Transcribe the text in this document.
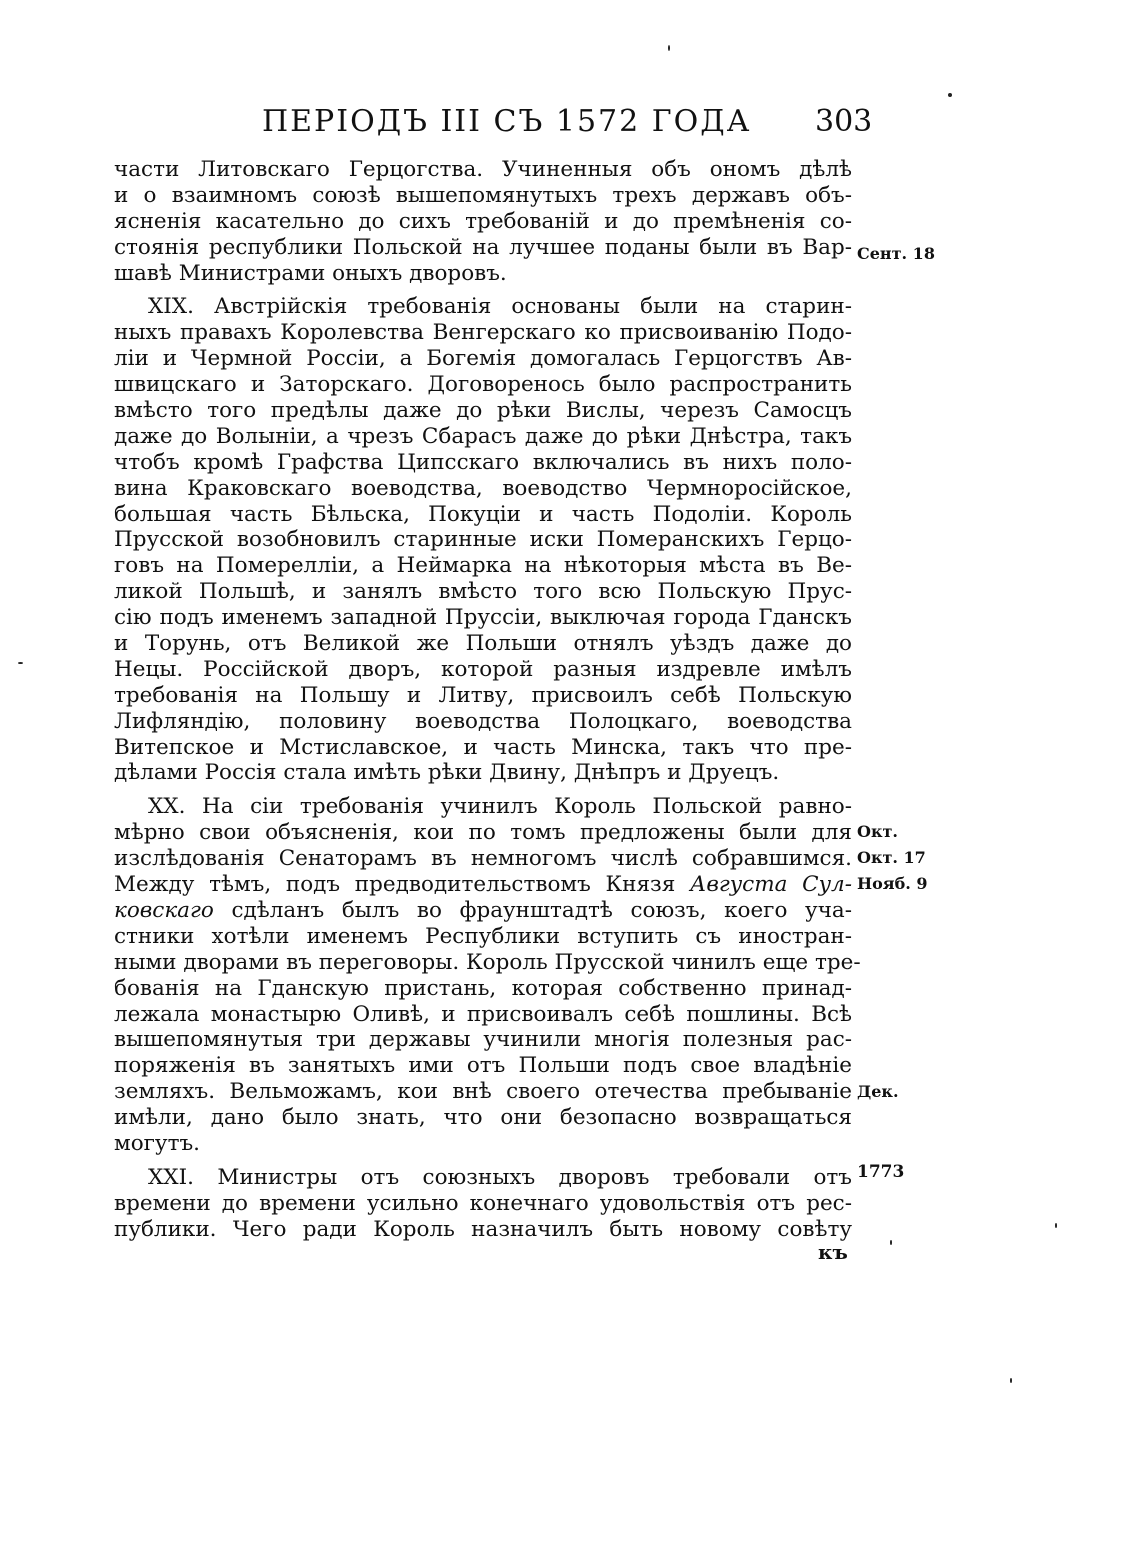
ПЕРІОДЪ III СЪ 1572 ГОДА 303
части Литовскаго Герцогства. Учиненныя объ ономъ дѣлѣ
и о взаимномъ союзѣ вышепомянутыхъ трехъ державъ объ-
ясненія касательно до сихъ требованій и до премѣненія со-
стоянія республики Польской на лучшее поданы были въ Вар-
шавѣ Министрами оныхъ дворовъ.
XIX. Австрійскія требованія основаны были на старин-
ныхъ правахъ Королевства Венгерскаго ко присвоиванію Подо-
ліи и Чермной Россіи, а Богемія домогалась Герцогствъ Ав-
швицскаго и Заторскаго. Договоренось было распространить
вмѣсто того предѣлы даже до рѣки Вислы, черезъ Самосцъ
даже до Волыніи, а чрезъ Сбарасъ даже до рѣки Днѣстра, такъ
чтобъ кромѣ Графства Ципсскаго включались въ нихъ поло-
вина Краковскаго воеводства, воеводство Чермноросійское,
большая часть Бѣльска, Покуціи и часть Подоліи. Король
Прусской возобновилъ старинные иски Померанскихъ Герцо-
говъ на Померелліи, а Неймарка на нѣкоторыя мѣста въ Ве-
ликой Польшѣ, и занялъ вмѣсто того всю Польскую Прус-
сію подъ именемъ западной Пруссіи, выключая города Гданскъ
и Торунь, отъ Великой же Польши отнялъ уѣздъ даже до
Нецы. Россійской дворъ, которой разныя издревле имѣлъ
требованія на Польшу и Литву, присвоилъ себѣ Польскую
Лифляндію, половину воеводства Полоцкаго, воеводства
Витепское и Мстиславское, и часть Минска, такъ что пре-
дѣлами Россія стала имѣть рѣки Двину, Днѣпръ и Друецъ.
XX. На сіи требованія учинилъ Король Польской равно-
мѣрно свои объясненія, кои по томъ предложены были для
изслѣдованія Сенаторамъ въ немногомъ числѣ собравшимся.
Между тѣмъ, подъ предводительствомъ Князя Августа Сул-
ковскаго сдѣланъ былъ во фраунштадтѣ союзъ, коего уча-
стники хотѣли именемъ Республики вступить съ иностран-
ными дворами въ переговоры. Король Прусской чинилъ еще тре-
бованія на Гданскую пристань, которая собственно принад-
лежала монастырю Оливѣ, и присвоивалъ себѣ пошлины. Всѣ
вышепомянутыя три державы учинили многія полезныя рас-
поряженія въ занятыхъ ими отъ Польши подъ свое владѣніе
земляхъ. Вельможамъ, кои внѣ своего отечества пребываніе
имѣли, дано было знать, что они безопасно возвращаться
могутъ.
XXI. Министры отъ союзныхъ дворовъ требовали отъ
времени до времени усильно конечнаго удовольствія отъ рес-
публики. Чего ради Король назначилъ быть новому совѣту
Сент. 18
Окт.
Окт. 17
Нояб. 9
Дек.
1773
къ
